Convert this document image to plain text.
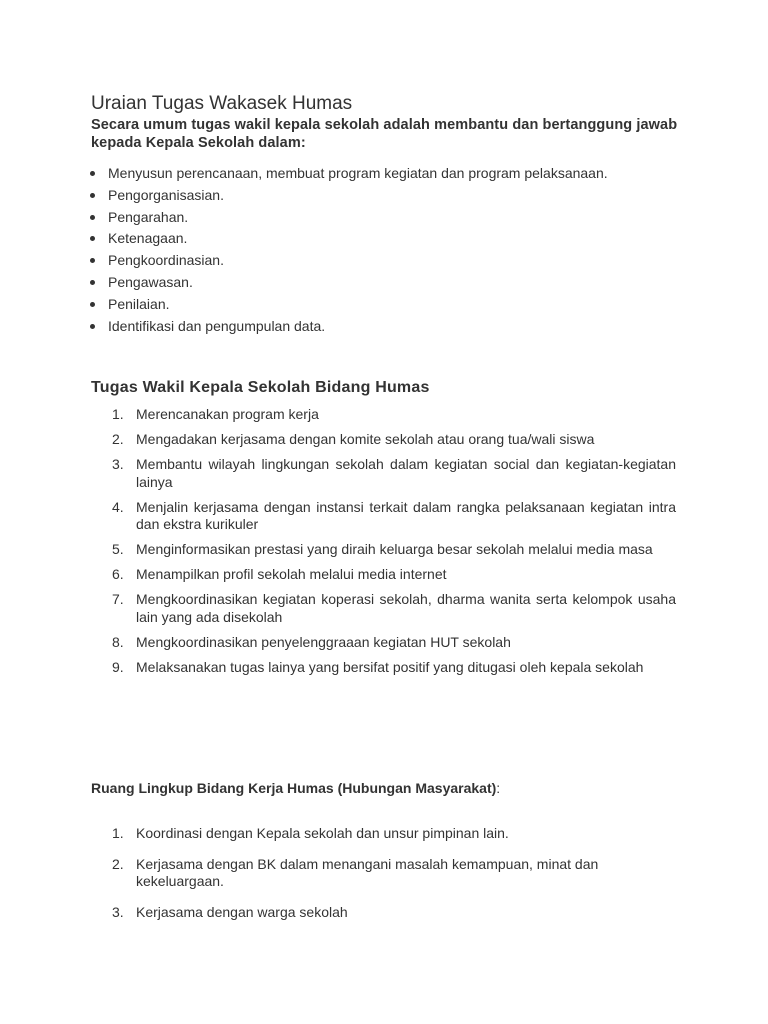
Uraian Tugas Wakasek Humas

Secara umum tugas wakil kepala sekolah adalah membantu dan bertanggung jawab kepada Kepala Sekolah dalam:

Menyusun perencanaan, membuat program kegiatan dan program pelaksanaan.
Pengorganisasian.
Pengarahan.
Ketenagaan.
Pengkoordinasian.
Pengawasan.
Penilaian.
Identifikasi dan pengumpulan data.
Tugas Wakil Kepala Sekolah Bidang Humas
1. Merencanakan program kerja
2. Mengadakan kerjasama dengan komite sekolah atau orang tua/wali siswa
3. Membantu wilayah lingkungan sekolah dalam kegiatan social dan kegiatan-kegiatan lainya
4. Menjalin kerjasama dengan instansi terkait dalam rangka pelaksanaan kegiatan intra dan ekstra kurikuler
5. Menginformasikan prestasi yang diraih keluarga besar sekolah melalui media masa
6. Menampilkan profil sekolah melalui media internet
7. Mengkoordinasikan kegiatan koperasi sekolah, dharma wanita serta kelompok usaha lain yang ada disekolah
8. Mengkoordinasikan penyelenggraaan kegiatan HUT sekolah
9. Melaksanakan tugas lainya yang bersifat positif yang ditugasi oleh kepala sekolah
Ruang Lingkup Bidang Kerja Humas (Hubungan Masyarakat):
1. Koordinasi dengan Kepala sekolah dan unsur pimpinan lain.
2. Kerjasama dengan BK dalam menangani masalah kemampuan, minat dan kekeluargaan.
3. Kerjasama dengan warga sekolah
